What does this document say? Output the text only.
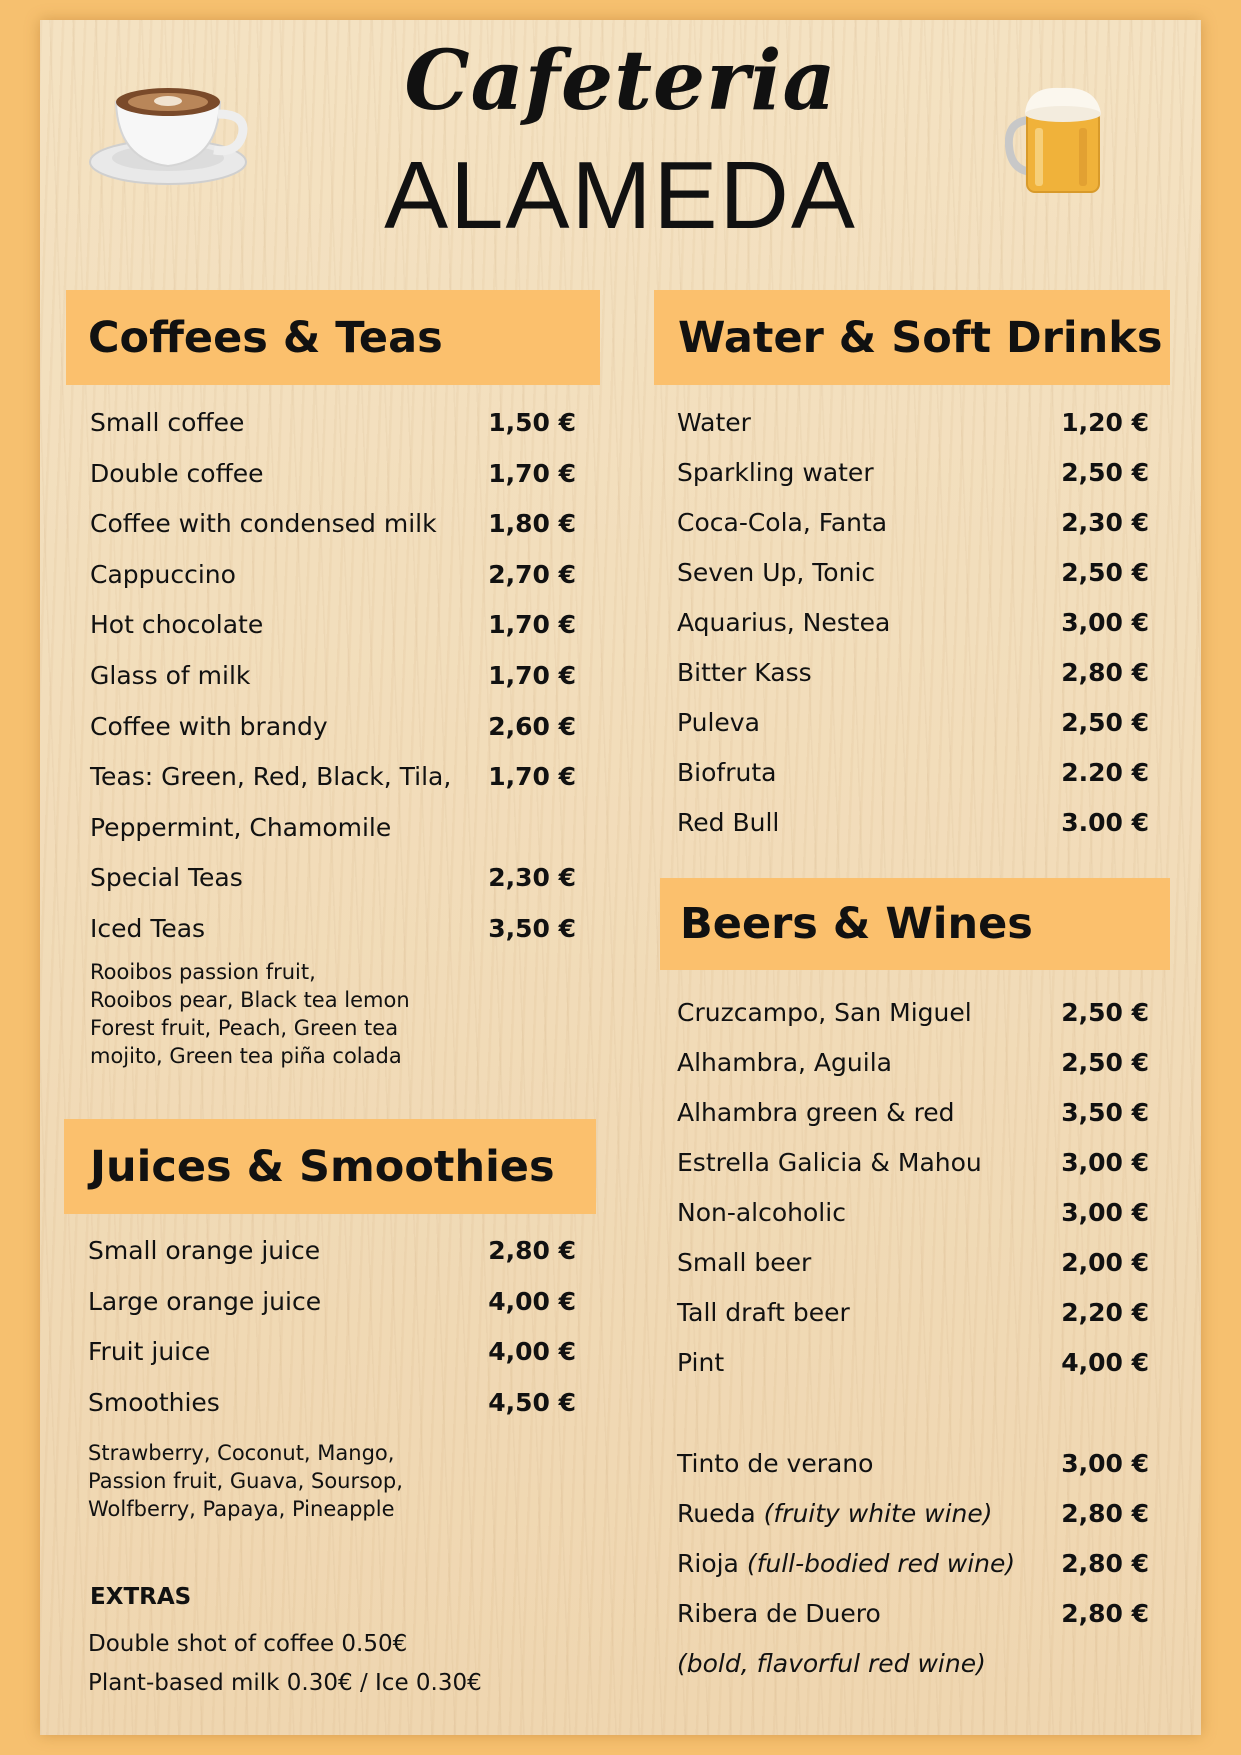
Cafeteria
ALAMEDA
Coffees & Teas
Small coffee	1,50 €
Double coffee	1,70 €
Coffee with condensed milk 1,80 €
Cappuccino	2,70 €
Hot chocolate	1,70 €
Glass of milk	1,70 €
Coffee with brandy	2,60 €
Teas: Green, Red, Black, Tila, 1,70 €
Peppermint, Chamomile
Special Teas	2,30 €
Iced Teas	3,50 €
Rooibos passion fruit,
Rooibos pear, Black tea lemon
Forest fruit, Peach, Green tea
mojito, Green tea piña colada
Juices & Smoothies
Small orange juice	2,80 €
Large orange juice	4,00 €
Fruit juice	4,00 €
Smoothies	4,50 €
Strawberry, Coconut, Mango,
Passion fruit, Guava, Soursop,
Wolfberry, Papaya, Pineapple
EXTRAS
Double shot of coffee 0.50€
Plant-based milk 0.30€ / Ice 0.30€
Water & Soft Drinks
Water	1,20 €
Sparkling water	2,50 €
Coca-Cola, Fanta	2,30 €
Seven Up, Tonic	2,50 €
Aquarius, Nestea	3,00 €
Bitter Kass	2,80 €
Puleva	2,50 €
Biofruta	2.20 €
Red Bull	3.00 €
Beers & Wines
Cruzcampo, San Miguel	2,50 €
Alhambra, Aguila	2,50 €
Alhambra green & red	3,50 €
Estrella Galicia & Mahou	3,00 €
Non-alcoholic	3,00 €
Small beer	2,00 €
Tall draft beer	2,20 €
Pint	4,00 €
Tinto de verano	3,00 €
Rueda (fruity white wine)	2,80 €
Rioja (full-bodied red wine) 2,80 €
Ribera de Duero	2,80 €
(bold, flavorful red wine)
